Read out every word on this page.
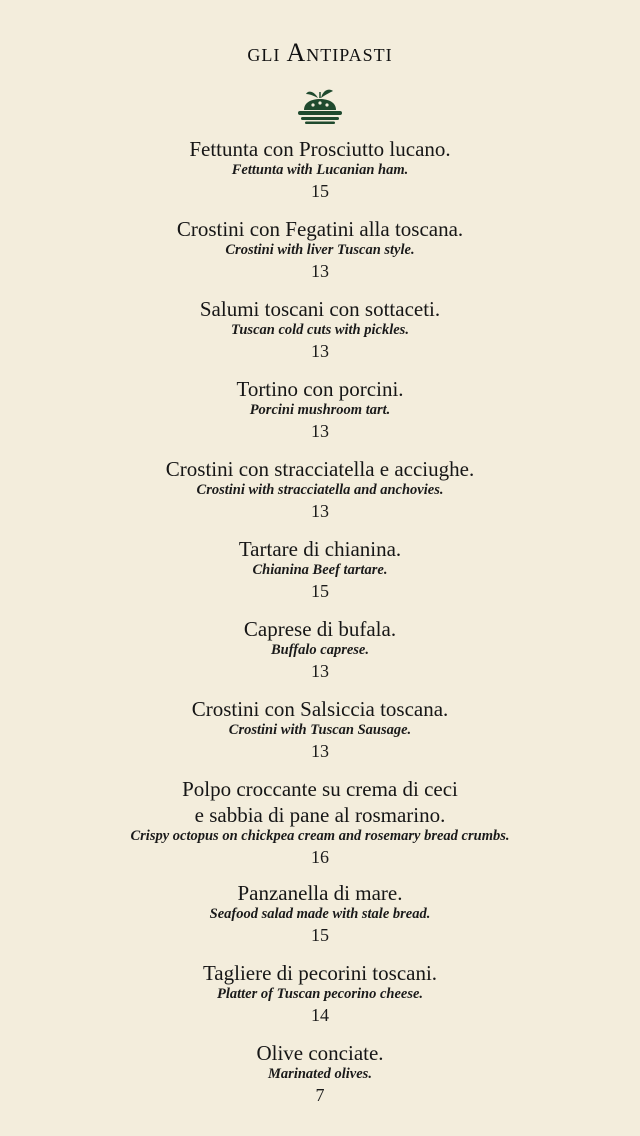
gli Antipasti
Fettunta con Prosciutto lucano.
Fettunta with Lucanian ham.
15
Crostini con Fegatini alla toscana.
Crostini with liver Tuscan style.
13
Salumi toscani con sottaceti.
Tuscan cold cuts with pickles.
13
Tortino con porcini.
Porcini mushroom tart.
13
Crostini con stracciatella e acciughe.
Crostini with stracciatella and anchovies.
13
Tartare di chianina.
Chianina Beef tartare.
15
Caprese di bufala.
Buffalo caprese.
13
Crostini con Salsiccia toscana.
Crostini with Tuscan Sausage.
13
Polpo croccante su crema di ceci
e sabbia di pane al rosmarino.
Crispy octopus on chickpea cream and rosemary bread crumbs.
16
Panzanella di mare.
Seafood salad made with stale bread.
15
Tagliere di pecorini toscani.
Platter of Tuscan pecorino cheese.
14
Olive conciate.
Marinated olives.
7
